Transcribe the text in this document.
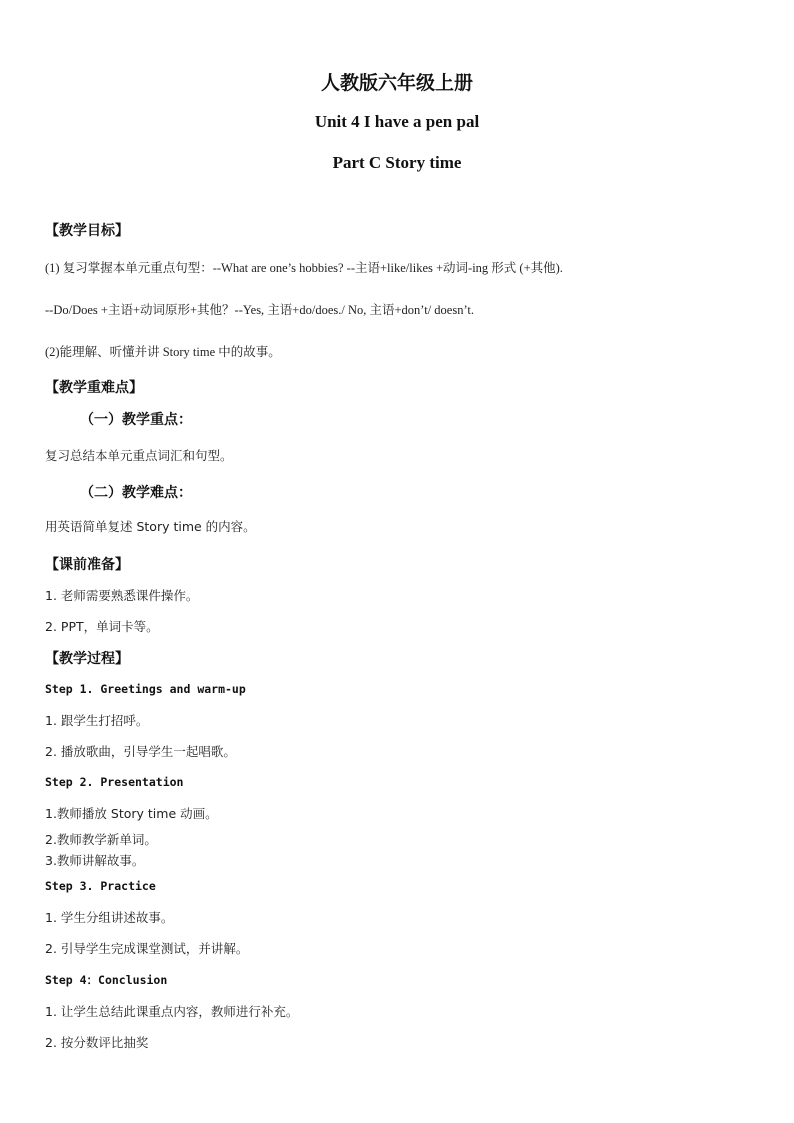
人教版六年级上册
Unit 4 I have a pen pal
Part C Story time
【教学目标】
(1) 复习掌握本单元重点句型：--What are one’s hobbies? --主语+like/likes +动词-ing 形式 (+其他).
--Do/Does +主语+动词原形+其他？--Yes, 主语+do/does./ No, 主语+don’t/ doesn’t.
(2)能理解、听懂并讲 Story time 中的故事。
【教学重难点】
（一）教学重点：
复习总结本单元重点词汇和句型。
（二）教学难点：
用英语简单复述 Story time 的内容。
【课前准备】
1. 老师需要熟悉课件操作。
2. PPT，单词卡等。
【教学过程】
Step 1. Greetings and warm-up
1. 跟学生打招呼。
2. 播放歌曲，引导学生一起唱歌。
Step 2. Presentation
1.教师播放 Story time 动画。
2.教师教学新单词。
3.教师讲解故事。
Step 3. Practice
1. 学生分组讲述故事。
2. 引导学生完成课堂测试，并讲解。
Step 4：Conclusion
1. 让学生总结此课重点内容，教师进行补充。
2. 按分数评比抽奖
